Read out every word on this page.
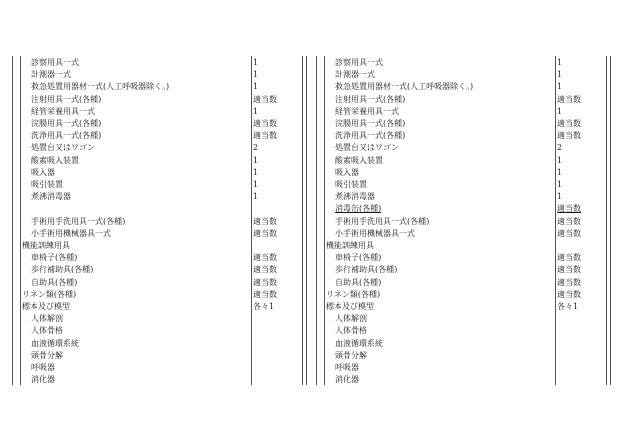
診察用具一式	1
計測器一式	1
救急処置用器材一式(人工呼吸器除く。)	1
注射用具一式(各種)	適当数
経管栄養用具一式	1
浣腸用具一式(各種)	適当数
洗浄用具一式(各種)	適当数
処置台又はワゴン	2
酸素吸入装置	1
吸入器	1
吸引装置	1
煮沸消毒器	1
手術用手洗用具一式(各種)	適当数
小手術用機械器具一式	適当数
機能訓練用具
車椅子(各種)	適当数
歩行補助具(各種)	適当数
自助具(各種)	適当数
リネン類(各種)	適当数
標本及び模型	各々1
人体解剖
人体骨格
血液循環系統
頭骨分解
呼吸器
消化器
診察用具一式	1
計測器一式	1
救急処置用器材一式(人工呼吸器除く。)	1
注射用具一式(各種)	適当数
経管栄養用具一式	1
浣腸用具一式(各種)	適当数
洗浄用具一式(各種)	適当数
処置台又はワゴン	2
酸素吸入装置	1
吸入器	1
吸引装置	1
煮沸消毒器	1
消毒缶(各種)	適当数
手術用手洗用具一式(各種)	適当数
小手術用機械器具一式	適当数
機能訓練用具
車椅子(各種)	適当数
歩行補助具(各種)	適当数
自助具(各種)	適当数
リネン類(各種)	適当数
標本及び模型	各々1
人体解剖
人体骨格
血液循環系統
頭骨分解
呼吸器
消化器
